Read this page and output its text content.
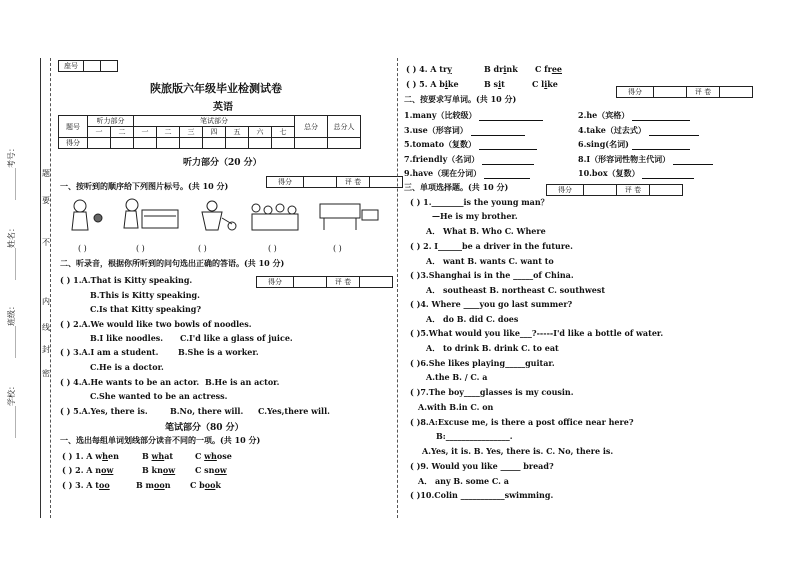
________考号：
________姓名：
________班级：
________学校：
题
要
不
内
线
封
密
座号		
陕旅版六年级毕业检测试卷
英语
题号	听力部分		笔试部分							总分	总分人
	一	二	一	二	三	四	五	六	七		
得分											
听力部分（20 分）
一、按听到的顺序给下列图片标号。(共 10 分)	得分		评 卷	
( )	( )	( )	( )	( )
二、听录音，根据你所听到的问句选出正确的答语。(共 10 分)
得分		评 卷	
( ) 1.A.That is Kitty speaking.
B.This is Kitty speaking.
C.Is that Kitty speaking?
( ) 2.A.We would like two bowls of noodles.
B.I like noodles. C.I'd like a glass of juice.
( ) 3.A.I am a student. B.She is a worker.
C.He is a doctor.
( ) 4.A.He wants to be an actor. B.He is an actor.
C.She wanted to be an actress.
( ) 5.A.Yes, there is.	B.No, there will. C.Yes,there will.
笔试部分（80 分）
一、选出每组单词划线部分读音不同的一项。(共 10 分)
( ) 1. A when	B what	C whose
( ) 2. A now	B know C snow
( ) 3. A too	B moon C book
( ) 4. A try	B drink C free
( ) 5. A bike	B sit	C like
得分		评 卷	
二、按要求写单词。(共 10 分)
1.many（比较级）	2.he（宾格）
3.use（形容词）	4.take（过去式）
5.tomato（复数）	6.sing(名词)
7.friendly（名词）	8.I（形容词性物主代词）
9.have（现在分词）	10.box（复数）
三、单项选择题。(共 10 分)	得分		评 卷	
( ) 1.________is the young man？
—He is my brother.
A． What B. Who C. Where
( ) 2. I______be a driver in the future.
A． want B. wants C. want to
( )3.Shanghai is in the _____of China.
A． southeast B. northeast C. southwest
( )4. Where ____you go last summer?
A． do B. did C. does
( )5.What would you like___?-----I'd like a bottle of water.
A． to drink B. drink C. to eat
( )6.She likes playing_____guitar.
A.the B. / C. a
( )7.The boy____glasses is my cousin.
A.with B.in C. on
( )8.A:Excuse me, is there a post office near here?
B:________________.
A.Yes, it is. B. Yes, there is. C. No, there is.
( )9. Would you like _____ bread?
A． any B. some C. a
( )10.Colin ___________swimming.
